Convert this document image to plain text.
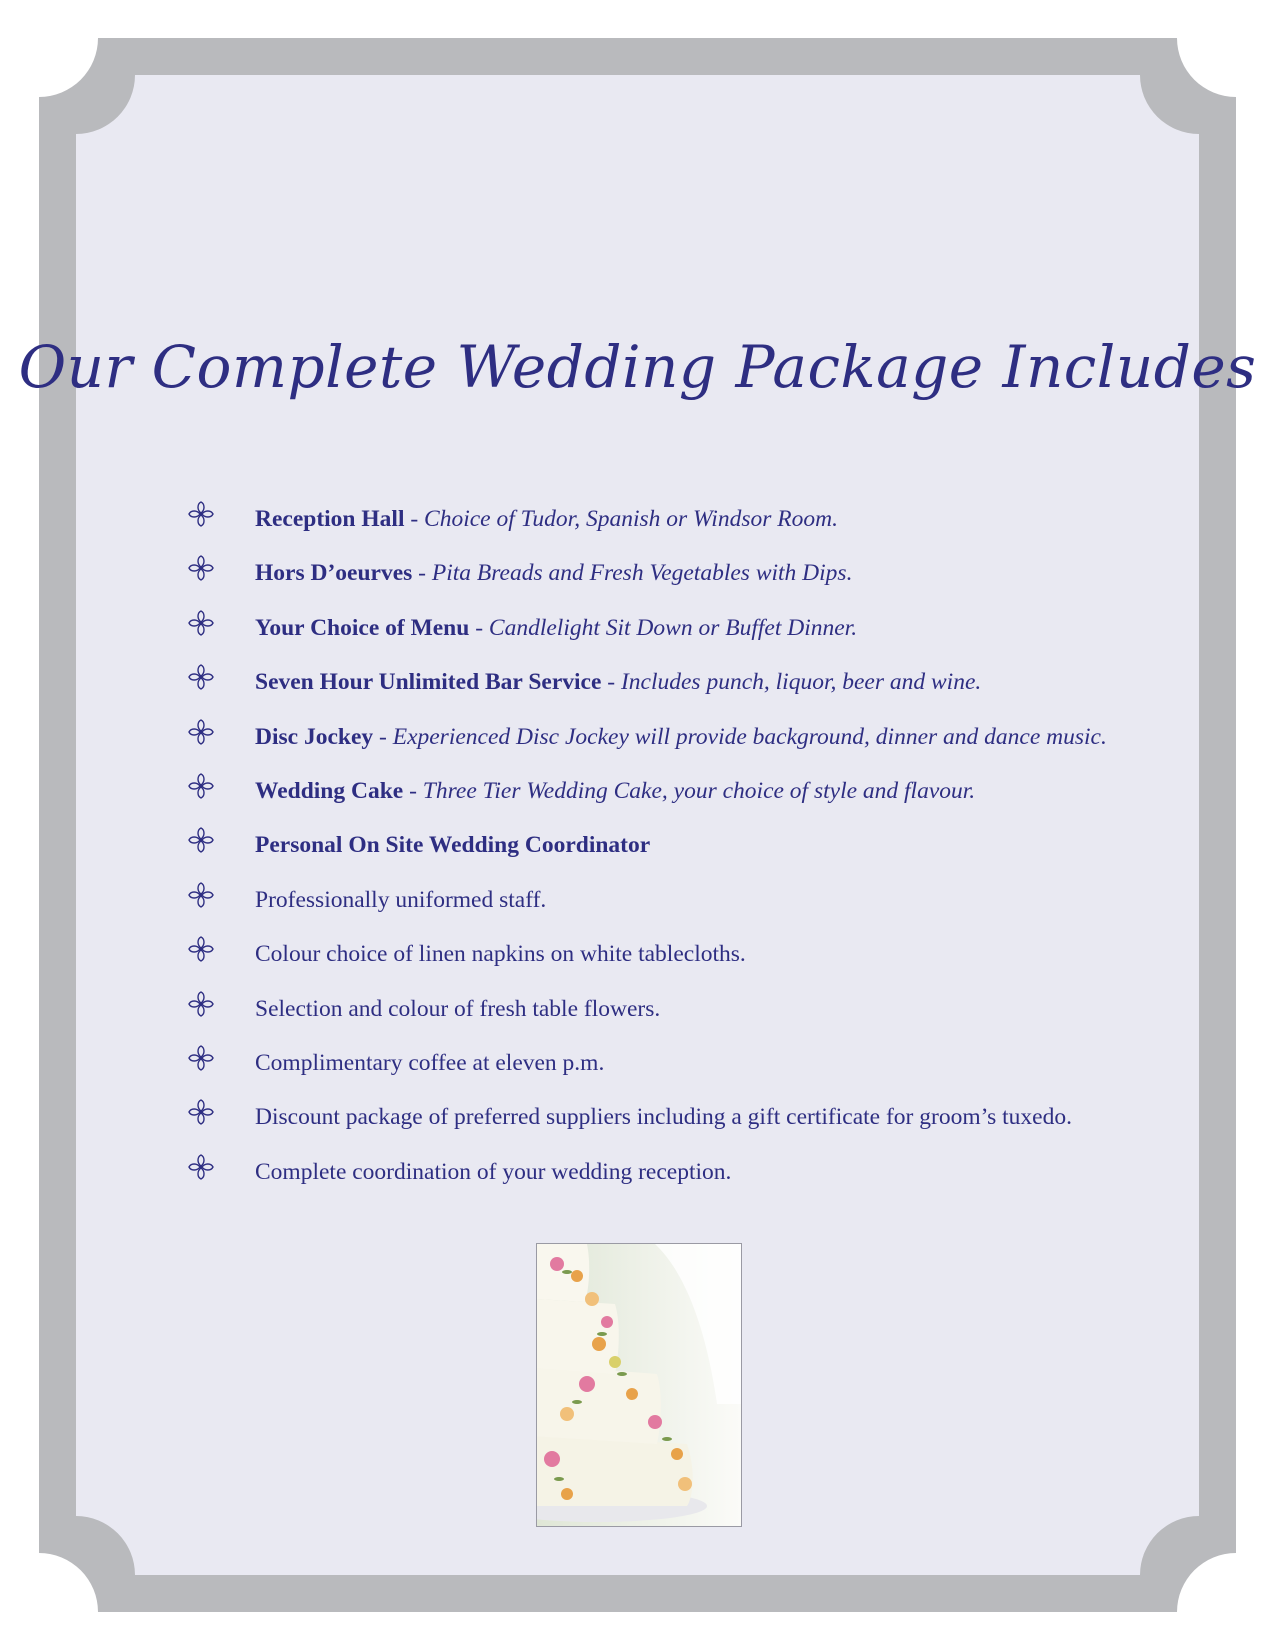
Our Complete Wedding Package Includes
Reception Hall - Choice of Tudor, Spanish or Windsor Room.
Hors D’oeurves - Pita Breads and Fresh Vegetables with Dips.
Your Choice of Menu - Candlelight Sit Down or Buffet Dinner.
Seven Hour Unlimited Bar Service - Includes punch, liquor, beer and wine.
Disc Jockey - Experienced Disc Jockey will provide background, dinner and dance music.
Wedding Cake - Three Tier Wedding Cake, your choice of style and flavour.
Personal On Site Wedding Coordinator
Professionally uniformed staff.
Colour choice of linen napkins on white tablecloths.
Selection and colour of fresh table flowers.
Complimentary coffee at eleven p.m.
Discount package of preferred suppliers including a gift certificate for groom’s tuxedo.
Complete coordination of your wedding reception.
